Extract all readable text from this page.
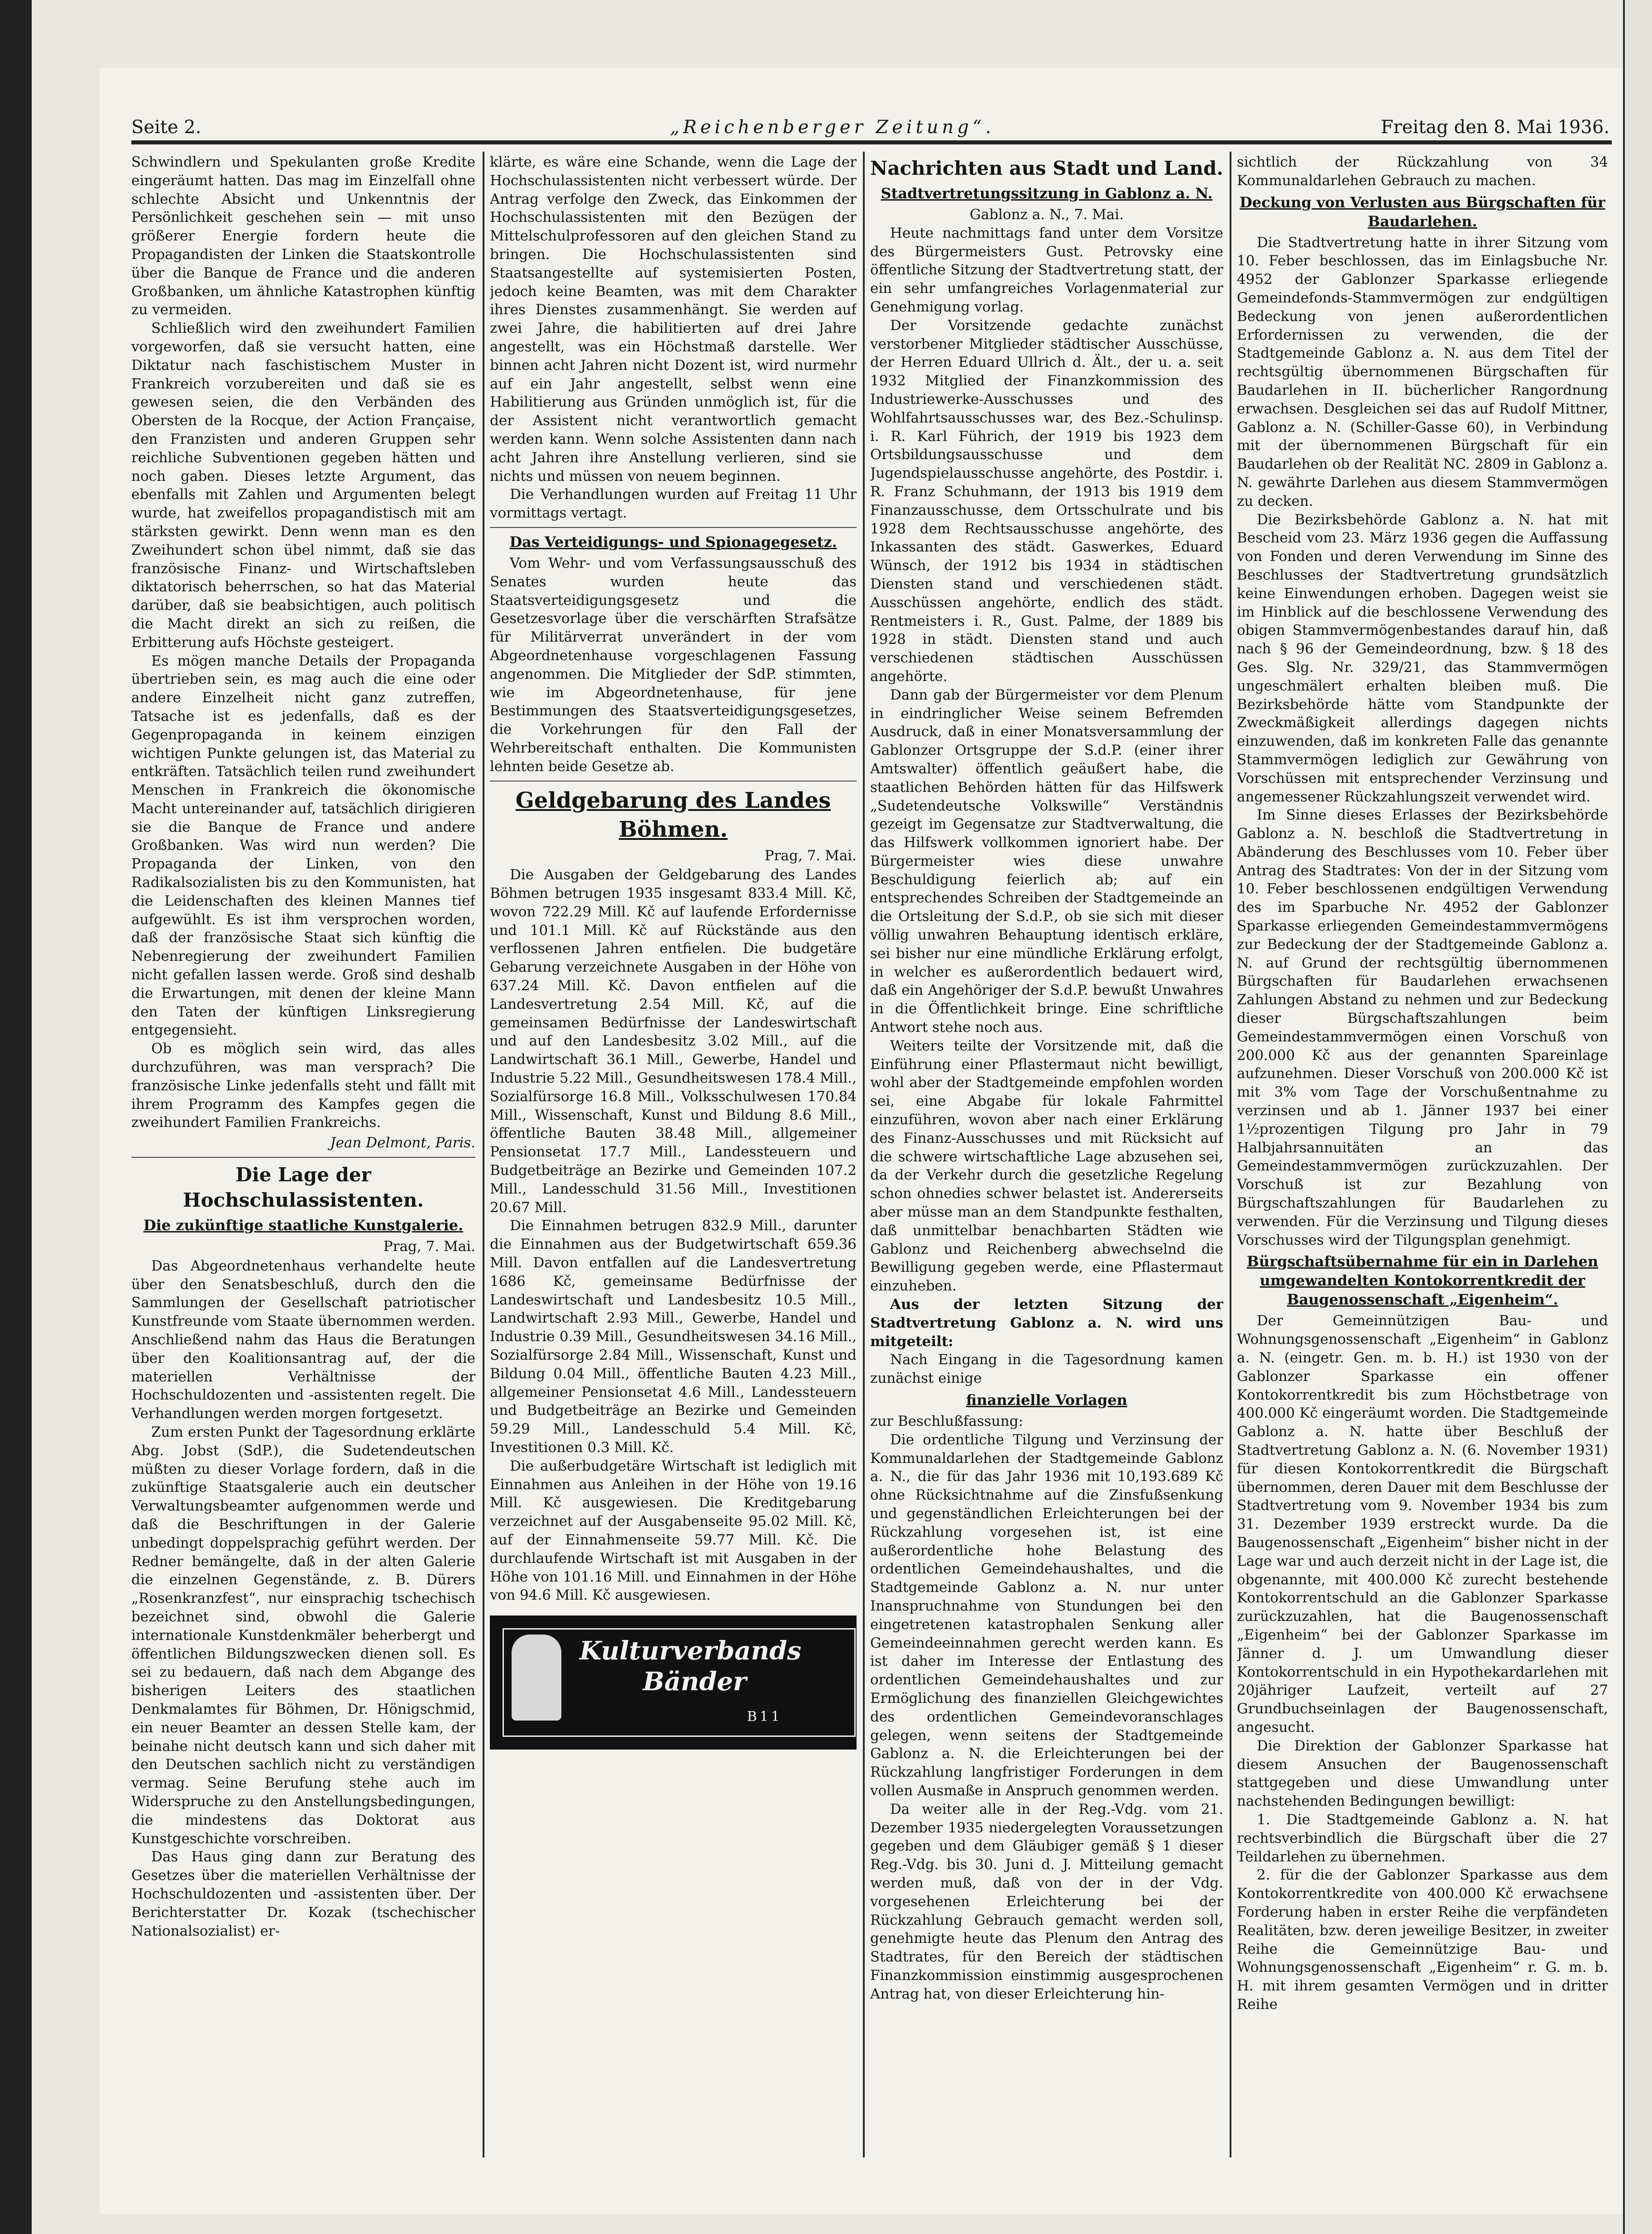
Seite 2.	„Reichenberger Zeitung“.	Freitag den 8. Mai 1936.

Schwindlern und Spekulanten große Kredite eingeräumt hatten. Das mag im Einzelfall ohne schlechte Absicht und Unkenntnis der Persönlichkeit geschehen sein — mit unso größerer Energie fordern heute die Propagandisten der Linken die Staatskontrolle über die Banque de France und die anderen Großbanken, um ähnliche Katastrophen künftig zu vermeiden.

Schließlich wird den zweihundert Familien vorgeworfen, daß sie versucht hatten, eine Diktatur nach faschistischem Muster in Frankreich vorzubereiten und daß sie es gewesen seien, die den Verbänden des Obersten de la Rocque, der Action Française, den Franzisten und anderen Gruppen sehr reichliche Subventionen gegeben hätten und noch gaben. Dieses letzte Argument, das ebenfalls mit Zahlen und Argumenten belegt wurde, hat zweifellos propagandistisch mit am stärksten gewirkt. Denn wenn man es den Zweihundert schon übel nimmt, daß sie das französische Finanz- und Wirtschaftsleben diktatorisch beherrschen, so hat das Material darüber, daß sie beabsichtigen, auch politisch die Macht direkt an sich zu reißen, die Erbitterung aufs Höchste gesteigert.

Es mögen manche Details der Propaganda übertrieben sein, es mag auch die eine oder andere Einzelheit nicht ganz zutreffen, Tatsache ist es jedenfalls, daß es der Gegenpropaganda in keinem einzigen wichtigen Punkte gelungen ist, das Material zu entkräften. Tatsächlich teilen rund zweihundert Menschen in Frankreich die ökonomische Macht untereinander auf, tatsächlich dirigieren sie die Banque de France und andere Großbanken. Was wird nun werden? Die Propaganda der Linken, von den Radikalsozialisten bis zu den Kommunisten, hat die Leidenschaften des kleinen Mannes tief aufgewühlt. Es ist ihm versprochen worden, daß der französische Staat sich künftig die Nebenregierung der zweihundert Familien nicht gefallen lassen werde. Groß sind deshalb die Erwartungen, mit denen der kleine Mann den Taten der künftigen Linksregierung entgegensieht.

Ob es möglich sein wird, das alles durchzuführen, was man versprach? Die französische Linke jedenfalls steht und fällt mit ihrem Programm des Kampfes gegen die zweihundert Familien Frankreichs.

Jean Delmont, Paris.
Die Lage der Hochschulassistenten.
Die zukünftige staatliche Kunstgalerie.
Prag, 7. Mai.

Das Abgeordnetenhaus verhandelte heute über den Senatsbeschluß, durch den die Sammlungen der Gesellschaft patriotischer Kunstfreunde vom Staate übernommen werden. Anschließend nahm das Haus die Beratungen über den Koalitionsantrag auf, der die materiellen Verhältnisse der Hochschuldozenten und -assistenten regelt. Die Verhandlungen werden morgen fortgesetzt.

Zum ersten Punkt der Tagesordnung erklärte Abg. Jobst (SdP.), die Sudetendeutschen müßten zu dieser Vorlage fordern, daß in die zukünftige Staatsgalerie auch ein deutscher Verwaltungsbeamter aufgenommen werde und daß die Beschriftungen in der Galerie unbedingt doppelsprachig geführt werden. Der Redner bemängelte, daß in der alten Galerie die einzelnen Gegenstände, z. B. Dürers „Rosenkranzfest“, nur einsprachig tschechisch bezeichnet sind, obwohl die Galerie internationale Kunstdenkmäler beherbergt und öffentlichen Bildungszwecken dienen soll. Es sei zu bedauern, daß nach dem Abgange des bisherigen Leiters des staatlichen Denkmalamtes für Böhmen, Dr. Hönigschmid, ein neuer Beamter an dessen Stelle kam, der beinahe nicht deutsch kann und sich daher mit den Deutschen sachlich nicht zu verständigen vermag. Seine Berufung stehe auch im Widerspruche zu den Anstellungsbedingungen, die mindestens das Doktorat aus Kunstgeschichte vorschreiben.

Das Haus ging dann zur Beratung des Gesetzes über die materiellen Verhältnisse der Hochschuldozenten und -assistenten über. Der Berichterstatter Dr. Kozak (tschechischer Nationalsozialist) er-

klärte, es wäre eine Schande, wenn die Lage der Hochschulassistenten nicht verbessert würde. Der Antrag verfolge den Zweck, das Einkommen der Hochschulassistenten mit den Bezügen der Mittelschulprofessoren auf den gleichen Stand zu bringen. Die Hochschulassistenten sind Staatsangestellte auf systemisierten Posten, jedoch keine Beamten, was mit dem Charakter ihres Dienstes zusammenhängt. Sie werden auf zwei Jahre, die habilitierten auf drei Jahre angestellt, was ein Höchstmaß darstelle. Wer binnen acht Jahren nicht Dozent ist, wird nurmehr auf ein Jahr angestellt, selbst wenn eine Habilitierung aus Gründen unmöglich ist, für die der Assistent nicht verantwortlich gemacht werden kann. Wenn solche Assistenten dann nach acht Jahren ihre Anstellung verlieren, sind sie nichts und müssen von neuem beginnen.

Die Verhandlungen wurden auf Freitag 11 Uhr vormittags vertagt.

Das Verteidigungs- und Spionagegesetz.

Vom Wehr- und vom Verfassungsausschuß des Senates wurden heute das Staatsverteidigungsgesetz und die Gesetzesvorlage über die verschärften Strafsätze für Militärverrat unverändert in der vom Abgeordnetenhause vorgeschlagenen Fassung angenommen. Die Mitglieder der SdP. stimmten, wie im Abgeordnetenhause, für jene Bestimmungen des Staatsverteidigungsgesetzes, die Vorkehrungen für den Fall der Wehrbereitschaft enthalten. Die Kommunisten lehnten beide Gesetze ab.

Geldgebarung des Landes Böhmen.
Prag, 7. Mai.

Die Ausgaben der Geldgebarung des Landes Böhmen betrugen 1935 insgesamt 833.4 Mill. Kč, wovon 722.29 Mill. Kč auf laufende Erfordernisse und 101.1 Mill. Kč auf Rückstände aus den verflossenen Jahren entfielen. Die budgetäre Gebarung verzeichnete Ausgaben in der Höhe von 637.24 Mill. Kč. Davon entfielen auf die Landesvertretung 2.54 Mill. Kč, auf die gemeinsamen Bedürfnisse der Landeswirtschaft und auf den Landesbesitz 3.02 Mill., auf die Landwirtschaft 36.1 Mill., Gewerbe, Handel und Industrie 5.22 Mill., Gesundheitswesen 178.4 Mill., Sozialfürsorge 16.8 Mill., Volksschulwesen 170.84 Mill., Wissenschaft, Kunst und Bildung 8.6 Mill., öffentliche Bauten 38.48 Mill., allgemeiner Pensionsetat 17.7 Mill., Landessteuern und Budgetbeiträge an Bezirke und Gemeinden 107.2 Mill., Landesschuld 31.56 Mill., Investitionen 20.67 Mill.

Die Einnahmen betrugen 832.9 Mill., darunter die Einnahmen aus der Budgetwirtschaft 659.36 Mill. Davon entfallen auf die Landesvertretung 1686 Kč, gemeinsame Bedürfnisse der Landeswirtschaft und Landesbesitz 10.5 Mill., Landwirtschaft 2.93 Mill., Gewerbe, Handel und Industrie 0.39 Mill., Gesundheitswesen 34.16 Mill., Sozialfürsorge 2.84 Mill., Wissenschaft, Kunst und Bildung 0.04 Mill., öffentliche Bauten 4.23 Mill., allgemeiner Pensionsetat 4.6 Mill., Landessteuern und Budgetbeiträge an Bezirke und Gemeinden 59.29 Mill., Landesschuld 5.4 Mill. Kč, Investitionen 0.3 Mill. Kč.

Die außerbudgetäre Wirtschaft ist lediglich mit Einnahmen aus Anleihen in der Höhe von 19.16 Mill. Kč ausgewiesen. Die Kreditgebarung verzeichnet auf der Ausgabenseite 95.02 Mill. Kč, auf der Einnahmenseite 59.77 Mill. Kč. Die durchlaufende Wirtschaft ist mit Ausgaben in der Höhe von 101.16 Mill. und Einnahmen in der Höhe von 94.6 Mill. Kč ausgewiesen.

Kulturverbands
Bänder
B11
Nachrichten aus Stadt und Land.
Stadtvertretungssitzung in Gablonz a. N.
Gablonz a. N., 7. Mai.

Heute nachmittags fand unter dem Vorsitze des Bürgermeisters Gust. Petrovsky eine öffentliche Sitzung der Stadtvertretung statt, der ein sehr umfangreiches Vorlagenmaterial zur Genehmigung vorlag.

Der Vorsitzende gedachte zunächst verstorbener Mitglieder städtischer Ausschüsse, der Herren Eduard Ullrich d. Ält., der u. a. seit 1932 Mitglied der Finanzkommission des Industriewerke-Ausschusses und des Wohlfahrtsausschusses war, des Bez.-Schulinsp. i. R. Karl Führich, der 1919 bis 1923 dem Ortsbildungsausschusse und dem Jugendspielausschusse angehörte, des Postdir. i. R. Franz Schuhmann, der 1913 bis 1919 dem Finanzausschusse, dem Ortsschulrate und bis 1928 dem Rechtsausschusse angehörte, des Inkassanten des städt. Gaswerkes, Eduard Wünsch, der 1912 bis 1934 in städtischen Diensten stand und verschiedenen städt. Ausschüssen angehörte, endlich des städt. Rentmeisters i. R., Gust. Palme, der 1889 bis 1928 in städt. Diensten stand und auch verschiedenen städtischen Ausschüssen angehörte.

Dann gab der Bürgermeister vor dem Plenum in eindringlicher Weise seinem Befremden Ausdruck, daß in einer Monatsversammlung der Gablonzer Ortsgruppe der S.d.P. (einer ihrer Amtswalter) öffentlich geäußert habe, die staatlichen Behörden hätten für das Hilfswerk „Sudetendeutsche Volkswille“ Verständnis gezeigt im Gegensatze zur Stadtverwaltung, die das Hilfswerk vollkommen ignoriert habe. Der Bürgermeister wies diese unwahre Beschuldigung feierlich ab; auf ein entsprechendes Schreiben der Stadtgemeinde an die Ortsleitung der S.d.P., ob sie sich mit dieser völlig unwahren Behauptung identisch erkläre, sei bisher nur eine mündliche Erklärung erfolgt, in welcher es außerordentlich bedauert wird, daß ein Angehöriger der S.d.P. bewußt Unwahres in die Öffentlichkeit bringe. Eine schriftliche Antwort stehe noch aus.

Weiters teilte der Vorsitzende mit, daß die Einführung einer Pflastermaut nicht bewilligt, wohl aber der Stadtgemeinde empfohlen worden sei, eine Abgabe für lokale Fahrmittel einzuführen, wovon aber nach einer Erklärung des Finanz-Ausschusses und mit Rücksicht auf die schwere wirtschaftliche Lage abzusehen sei, da der Verkehr durch die gesetzliche Regelung schon ohnedies schwer belastet ist. Andererseits aber müsse man an dem Standpunkte festhalten, daß unmittelbar benachbarten Städten wie Gablonz und Reichenberg abwechselnd die Bewilligung gegeben werde, eine Pflastermaut einzuheben.

Aus der letzten Sitzung der Stadtvertretung Gablonz a. N. wird uns mitgeteilt:

Nach Eingang in die Tagesordnung kamen zunächst einige

finanzielle Vorlagen

zur Beschlußfassung:

Die ordentliche Tilgung und Verzinsung der Kommunaldarlehen der Stadtgemeinde Gablonz a. N., die für das Jahr 1936 mit 10,193.689 Kč ohne Rücksichtnahme auf die Zinsfußsenkung und gegenständlichen Erleichterungen bei der Rückzahlung vorgesehen ist, ist eine außerordentliche hohe Belastung des ordentlichen Gemeindehaushaltes, und die Stadtgemeinde Gablonz a. N. nur unter Inanspruchnahme von Stundungen bei den eingetretenen katastrophalen Senkung aller Gemeindeeinnahmen gerecht werden kann. Es ist daher im Interesse der Entlastung des ordentlichen Gemeindehaushaltes und zur Ermöglichung des finanziellen Gleichgewichtes des ordentlichen Gemeindevoranschlages gelegen, wenn seitens der Stadtgemeinde Gablonz a. N. die Erleichterungen bei der Rückzahlung langfristiger Forderungen in dem vollen Ausmaße in Anspruch genommen werden.

Da weiter alle in der Reg.-Vdg. vom 21. Dezember 1935 niedergelegten Voraussetzungen gegeben und dem Gläubiger gemäß § 1 dieser Reg.-Vdg. bis 30. Juni d. J. Mitteilung gemacht werden muß, daß von der in der Vdg. vorgesehenen Erleichterung bei der Rückzahlung Gebrauch gemacht werden soll, genehmigte heute das Plenum den Antrag des Stadtrates, für den Bereich der städtischen Finanzkommission einstimmig ausgesprochenen Antrag hat, von dieser Erleichterung hin-

sichtlich der Rückzahlung von 34 Kommunaldarlehen Gebrauch zu machen.

Deckung von Verlusten aus Bürgschaften für Baudarlehen.

Die Stadtvertretung hatte in ihrer Sitzung vom 10. Feber beschlossen, das im Einlagsbuche Nr. 4952 der Gablonzer Sparkasse erliegende Gemeindefonds-Stammvermögen zur endgültigen Bedeckung von jenen außerordentlichen Erfordernissen zu verwenden, die der Stadtgemeinde Gablonz a. N. aus dem Titel der rechtsgültig übernommenen Bürgschaften für Baudarlehen in II. bücherlicher Rangordnung erwachsen. Desgleichen sei das auf Rudolf Mittner, Gablonz a. N. (Schiller-Gasse 60), in Verbindung mit der übernommenen Bürgschaft für ein Baudarlehen ob der Realität NC. 2809 in Gablonz a. N. gewährte Darlehen aus diesem Stammvermögen zu decken.

Die Bezirksbehörde Gablonz a. N. hat mit Bescheid vom 23. März 1936 gegen die Auffassung von Fonden und deren Verwendung im Sinne des Beschlusses der Stadtvertretung grundsätzlich keine Einwendungen erhoben. Dagegen weist sie im Hinblick auf die beschlossene Verwendung des obigen Stammvermögenbestandes darauf hin, daß nach § 96 der Gemeindeordnung, bzw. § 18 des Ges. Slg. Nr. 329/21, das Stammvermögen ungeschmälert erhalten bleiben muß. Die Bezirksbehörde hätte vom Standpunkte der Zweckmäßigkeit allerdings dagegen nichts einzuwenden, daß im konkreten Falle das genannte Stammvermögen lediglich zur Gewährung von Vorschüssen mit entsprechender Verzinsung und angemessener Rückzahlungszeit verwendet wird.

Im Sinne dieses Erlasses der Bezirksbehörde Gablonz a. N. beschloß die Stadtvertretung in Abänderung des Beschlusses vom 10. Feber über Antrag des Stadtrates: Von der in der Sitzung vom 10. Feber beschlossenen endgültigen Verwendung des im Sparbuche Nr. 4952 der Gablonzer Sparkasse erliegenden Gemeindestammvermögens zur Bedeckung der der Stadtgemeinde Gablonz a. N. auf Grund der rechtsgültig übernommenen Bürgschaften für Baudarlehen erwachsenen Zahlungen Abstand zu nehmen und zur Bedeckung dieser Bürgschaftszahlungen beim Gemeindestammvermögen einen Vorschuß von 200.000 Kč aus der genannten Spareinlage aufzunehmen. Dieser Vorschuß von 200.000 Kč ist mit 3% vom Tage der Vorschußentnahme zu verzinsen und ab 1. Jänner 1937 bei einer 1½prozentigen Tilgung pro Jahr in 79 Halbjahrsannuitäten an das Gemeindestammvermögen zurückzuzahlen. Der Vorschuß ist zur Bezahlung von Bürgschaftszahlungen für Baudarlehen zu verwenden. Für die Verzinsung und Tilgung dieses Vorschusses wird der Tilgungsplan genehmigt.

Bürgschaftsübernahme für ein in Darlehen umgewandelten Kontokorrentkredit der Baugenossenschaft „Eigenheim“.

Der Gemeinnützigen Bau- und Wohnungsgenossenschaft „Eigenheim“ in Gablonz a. N. (eingetr. Gen. m. b. H.) ist 1930 von der Gablonzer Sparkasse ein offener Kontokorrentkredit bis zum Höchstbetrage von 400.000 Kč eingeräumt worden. Die Stadtgemeinde Gablonz a. N. hatte über Beschluß der Stadtvertretung Gablonz a. N. (6. November 1931) für diesen Kontokorrentkredit die Bürgschaft übernommen, deren Dauer mit dem Beschlusse der Stadtvertretung vom 9. November 1934 bis zum 31. Dezember 1939 erstreckt wurde. Da die Baugenossenschaft „Eigenheim“ bisher nicht in der Lage war und auch derzeit nicht in der Lage ist, die obgenannte, mit 400.000 Kč zurecht bestehende Kontokorrentschuld an die Gablonzer Sparkasse zurückzuzahlen, hat die Baugenossenschaft „Eigenheim“ bei der Gablonzer Sparkasse im Jänner d. J. um Umwandlung dieser Kontokorrentschuld in ein Hypothekardarlehen mit 20jähriger Laufzeit, verteilt auf 27 Grundbuchseinlagen der Baugenossenschaft, angesucht.

Die Direktion der Gablonzer Sparkasse hat diesem Ansuchen der Baugenossenschaft stattgegeben und diese Umwandlung unter nachstehenden Bedingungen bewilligt:

1. Die Stadtgemeinde Gablonz a. N. hat rechtsverbindlich die Bürgschaft über die 27 Teildarlehen zu übernehmen.

2. für die der Gablonzer Sparkasse aus dem Kontokorrentkredite von 400.000 Kč erwachsene Forderung haben in erster Reihe die verpfändeten Realitäten, bzw. deren jeweilige Besitzer, in zweiter Reihe die Gemeinnützige Bau- und Wohnungsgenossenschaft „Eigenheim“ r. G. m. b. H. mit ihrem gesamten Vermögen und in dritter Reihe
